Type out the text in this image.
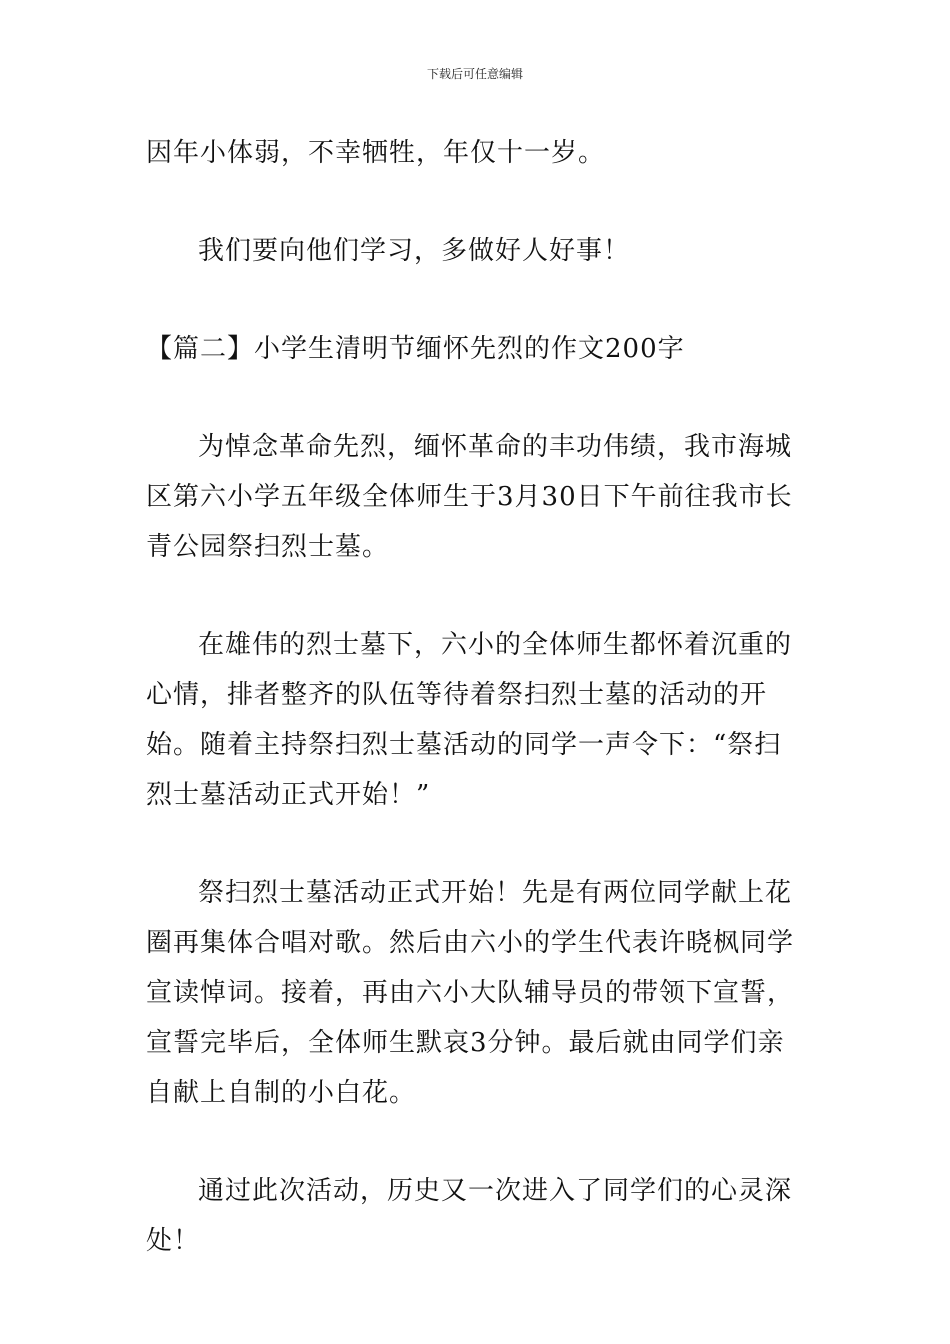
下载后可任意编辑

因年小体弱，不幸牺牲，年仅十一岁。

我们要向他们学习，多做好人好事！

【篇二】小学生清明节缅怀先烈的作文200字

为悼念革命先烈，缅怀革命的丰功伟绩，我市海城区第六小学五年级全体师生于3月30日下午前往我市长青公园祭扫烈士墓。

在雄伟的烈士墓下，六小的全体师生都怀着沉重的心情，排者整齐的队伍等待着祭扫烈士墓的活动的开始。随着主持祭扫烈士墓活动的同学一声令下：“祭扫烈士墓活动正式开始！”

祭扫烈士墓活动正式开始！先是有两位同学献上花圈再集体合唱对歌。然后由六小的学生代表许晓枫同学宣读悼词。接着，再由六小大队辅导员的带领下宣誓，宣誓完毕后，全体师生默哀3分钟。最后就由同学们亲自献上自制的小白花。

通过此次活动，历史又一次进入了同学们的心灵深处！
